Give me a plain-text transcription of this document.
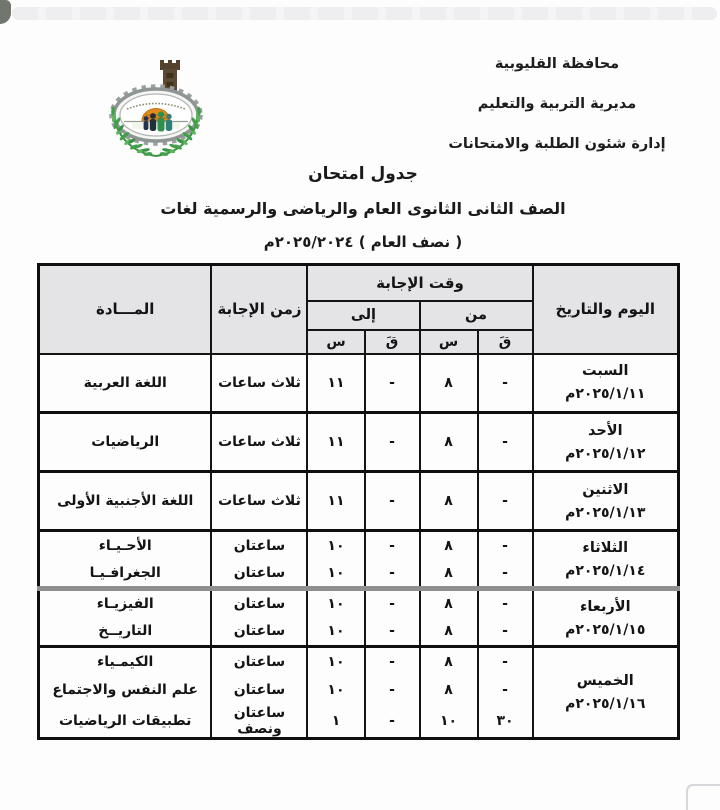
محافظة القليوبية
مديرية التربية والتعليم
إدارة شئون الطلبة والامتحانات
جدول امتحان
الصف الثانى الثانوى العام والرياضى والرسمية لغات
( نصف العام ) ٢٠٢٥/٢٠٢٤م
اليوم والتاريخ	وقت الإجابة				زمن الإجابة	المـــادة
	من		إلى			
	قَ	س	قَ	س		

السبت
٢٠٢٥/١/١١م	-	٨	-	١١	ثلاث ساعات	اللغة العربية

الأحد
٢٠٢٥/١/١٢م	-	٨	-	١١	ثلاث ساعات	الرياضيات

الاثنين
٢٠٢٥/١/١٣م	-	٨	-	١١	ثلاث ساعات	اللغة الأجنبية الأولى

الثلاثاء
٢٠٢٥/١/١٤م	-	٨	-	١٠	ساعتان	الأحـيـاء
	-	٨	-	١٠	ساعتان	الجغرافـيـا

الأربعاء
٢٠٢٥/١/١٥م	-	٨	-	١٠	ساعتان	الفيزيـاء
	-	٨	-	١٠	ساعتان	التاريــخ

الخميس
٢٠٢٥/١/١٦م	-	٨	-	١٠	ساعتان	الكيمـياء
	-	٨	-	١٠	ساعتان	علم النفس والاجتماع
	٣٠	١٠	-	١	ساعتان ونصف	تطبيقات الرياضيات
